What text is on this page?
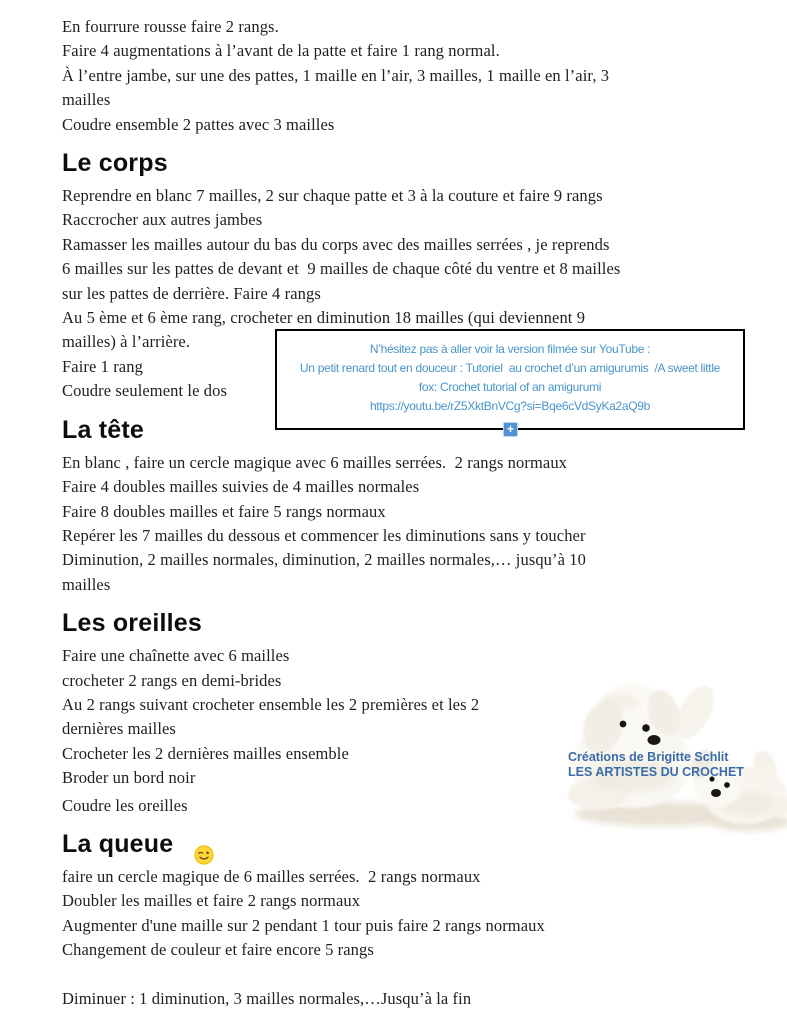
En fourrure rousse faire 2 rangs.
Faire 4 augmentations à l’avant de la patte et faire 1 rang normal.
À l’entre jambe, sur une des pattes, 1 maille en l’air, 3 mailles, 1 maille en l’air, 3
mailles
Coudre ensemble 2 pattes avec 3 mailles
Le corps
Reprendre en blanc 7 mailles, 2 sur chaque patte et 3 à la couture et faire 9 rangs
Raccrocher aux autres jambes
Ramasser les mailles autour du bas du corps avec des mailles serrées , je reprends
6 mailles sur les pattes de devant et  9 mailles de chaque côté du ventre et 8 mailles
sur les pattes de derrière. Faire 4 rangs
Au 5 ème et 6 ème rang, crocheter en diminution 18 mailles (qui deviennent 9
mailles) à l’arrière.
Faire 1 rang
Coudre seulement le dos
La tête
En blanc , faire un cercle magique avec 6 mailles serrées.  2 rangs normaux
Faire 4 doubles mailles suivies de 4 mailles normales
Faire 8 doubles mailles et faire 5 rangs normaux
Repérer les 7 mailles du dessous et commencer les diminutions sans y toucher
Diminution, 2 mailles normales, diminution, 2 mailles normales,… jusqu’à 10
mailles
Les oreilles
Faire une chaînette avec 6 mailles
crocheter 2 rangs en demi-brides
Au 2 rangs suivant crocheter ensemble les 2 premières et les 2
dernières mailles
Crocheter les 2 dernières mailles ensemble
Broder un bord noir
Coudre les oreilles

La queue
faire un cercle magique de 6 mailles serrées.  2 rangs normaux
Doubler les mailles et faire 2 rangs normaux
Augmenter d'une maille sur 2 pendant 1 tour puis faire 2 rangs normaux
Changement de couleur et faire encore 5 rangs
Diminuer : 1 diminution, 3 mailles normales,…Jusqu’à la fin
N’hésitez pas à aller voir la version filmée sur YouTube :
Un petit renard tout en douceur : Tutoriel  au crochet d’un amigurumis  /A sweet little
fox: Crochet tutorial of an amigurumi
https://youtu.be/rZ5XktBnVCg?si=Bqe6cVdSyKa2aQ9b
+
Créations de Brigitte Schlit
LES ARTISTES DU CROCHET
